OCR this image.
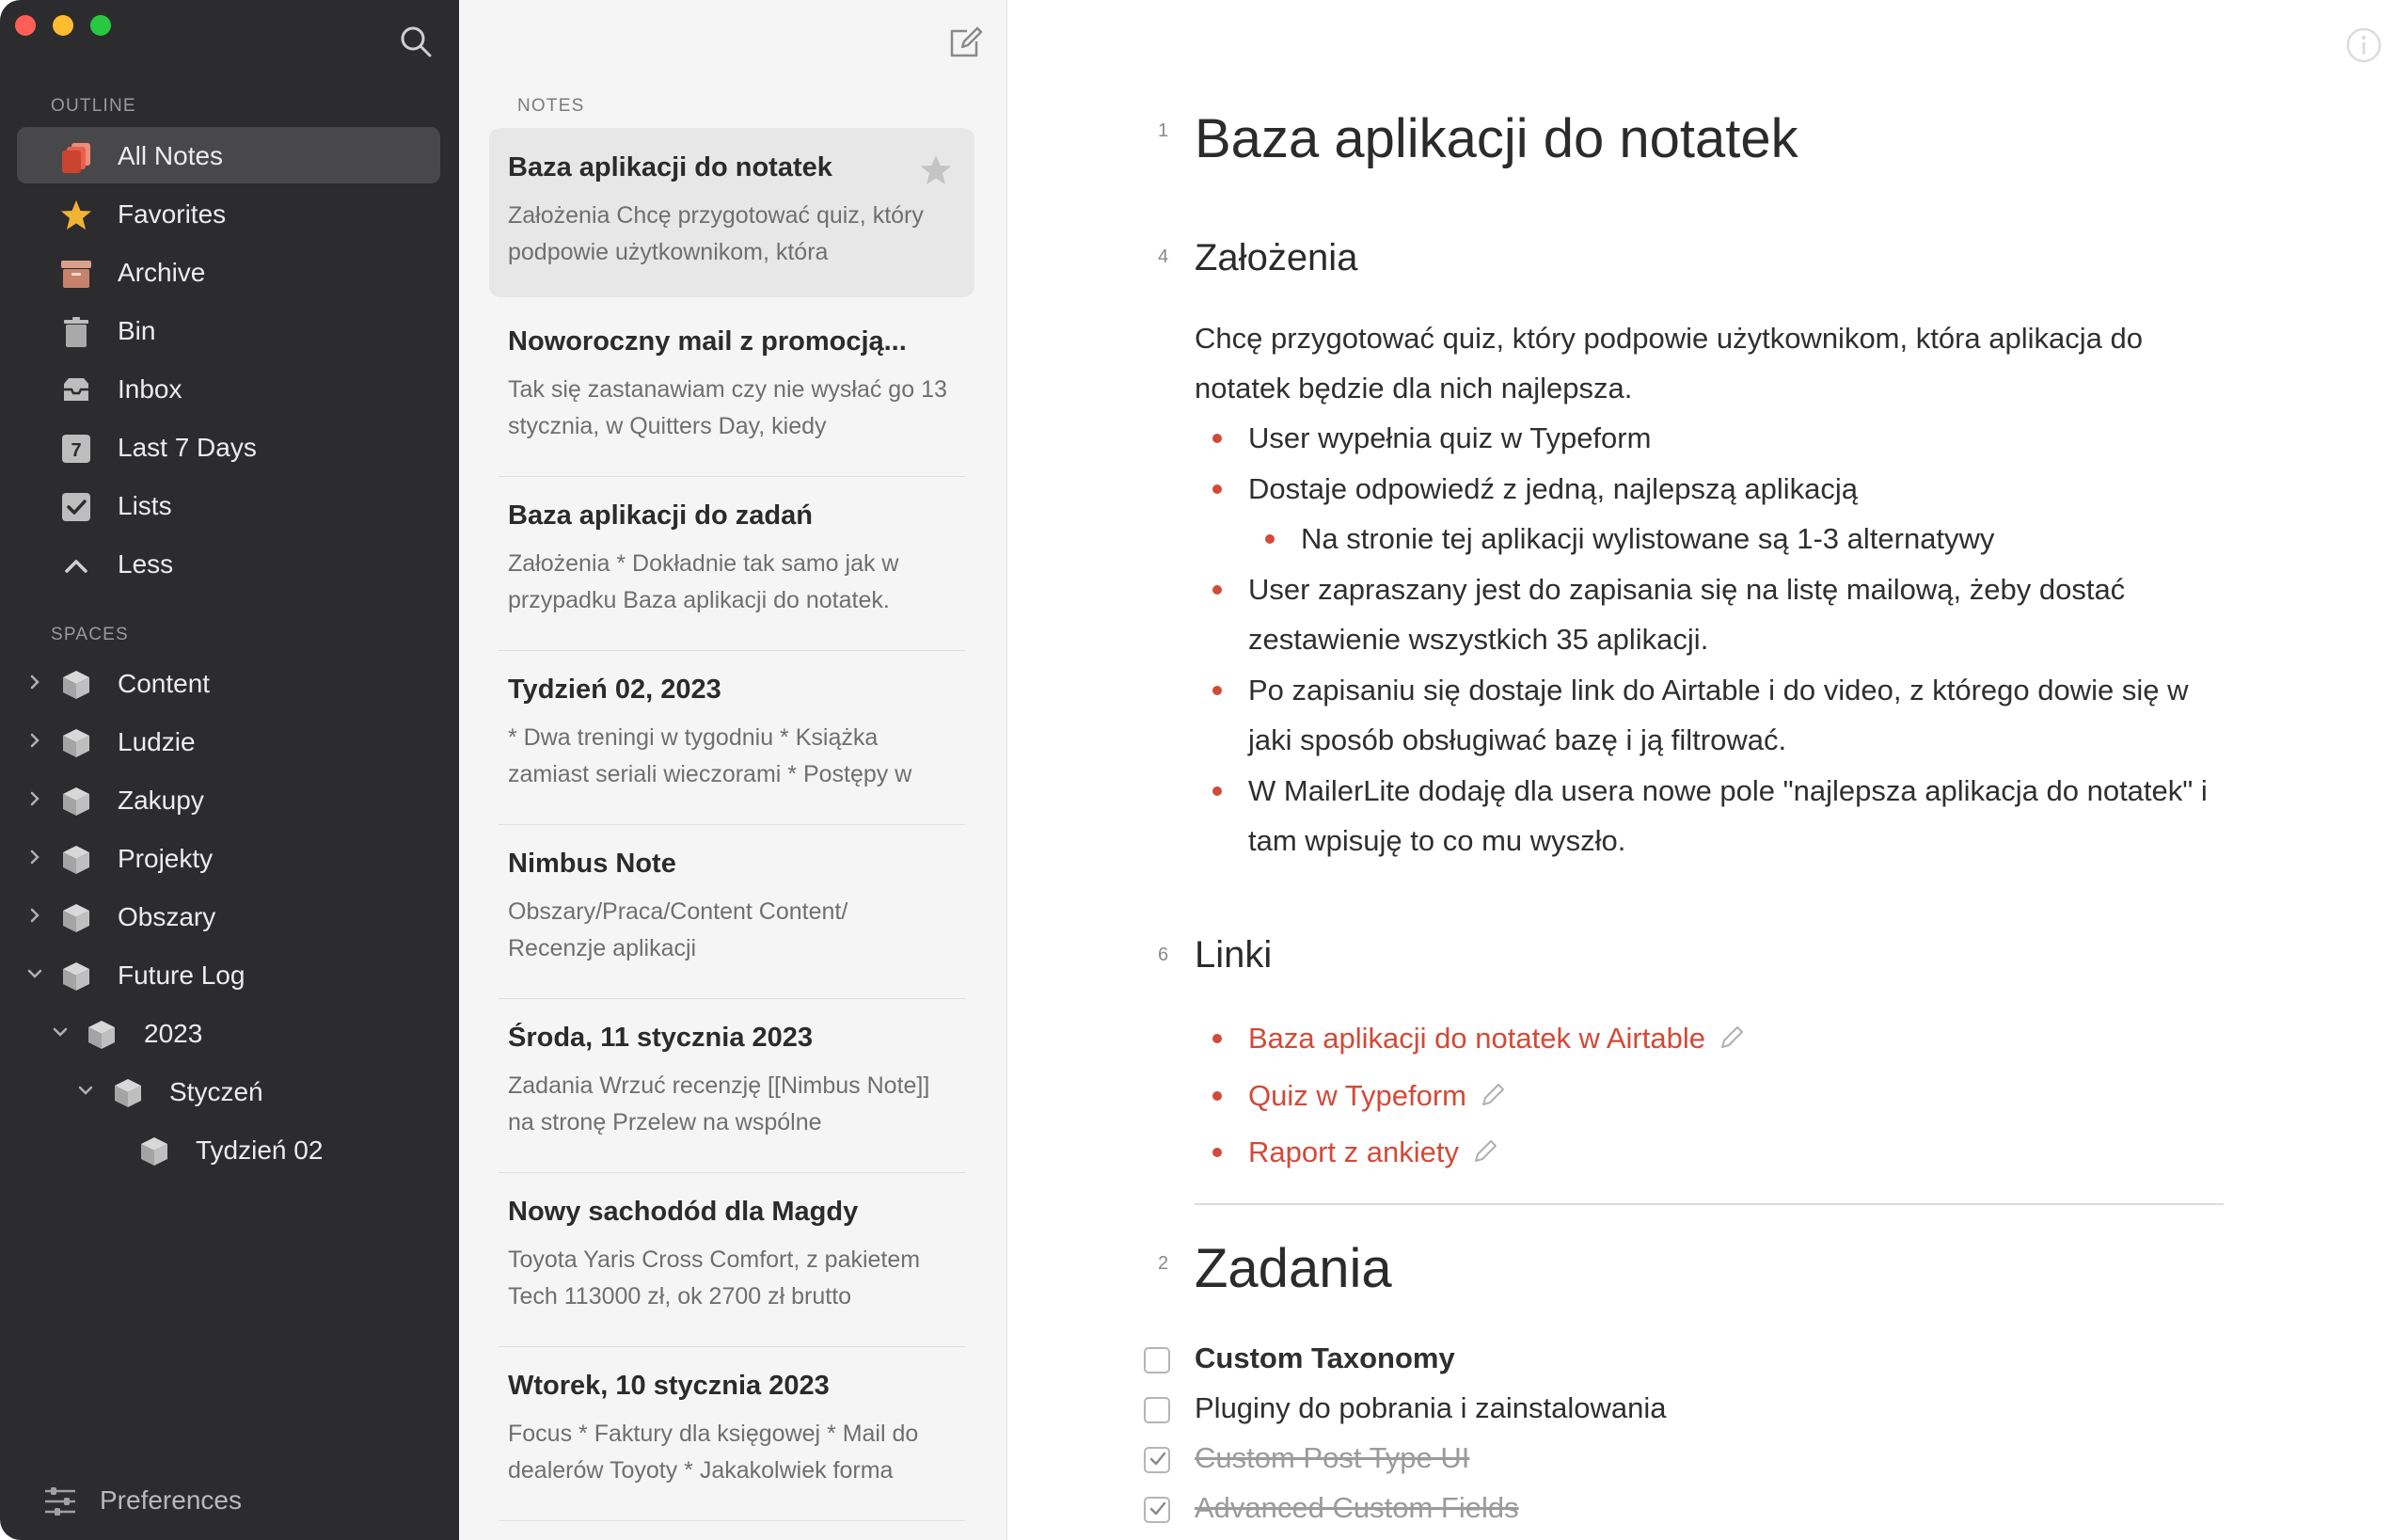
OUTLINE
All Notes
Favorites
Archive
Bin
Inbox
7 Last 7 Days
Lists
Less
SPACES
Content
Ludzie
Zakupy
Projekty
Obszary
Future Log
2023
Styczeń
Tydzień 02
Preferences
NOTES
Baza aplikacji do notatek
Założenia Chcę przygotować quiz, który podpowie użytkownikom, która
Noworoczny mail z promocją...
Tak się zastanawiam czy nie wysłać go 13 stycznia, w Quitters Day, kiedy
Baza aplikacji do zadań
Założenia * Dokładnie tak samo jak w przypadku Baza aplikacji do notatek.
Tydzień 02, 2023
* Dwa treningi w tygodniu * Książka zamiast seriali wieczorami * Postępy w
Nimbus Note
Obszary/Praca/Content Content/ Recenzje aplikacji
Środa, 11 stycznia 2023
Zadania Wrzuć recenzję [[Nimbus Note]] na stronę Przelew na wspólne
Nowy sachodód dla Magdy
Toyota Yaris Cross Comfort, z pakietem Tech 113000 zł, ok 2700 zł brutto
Wtorek, 10 stycznia 2023
Focus * Faktury dla księgowej * Mail do dealerów Toyoty * Jakakolwiek forma
1 Baza aplikacji do notatek
4 Założenia
Chcę przygotować quiz, który podpowie użytkownikom, która aplikacja do notatek będzie dla nich najlepsza.
User wypełnia quiz w Typeform
Dostaje odpowiedź z jedną, najlepszą aplikacją
Na stronie tej aplikacji wylistowane są 1-3 alternatywy
User zapraszany jest do zapisania się na listę mailową, żeby dostać zestawienie wszystkich 35 aplikacji.
Po zapisaniu się dostaje link do Airtable i do video, z którego dowie się w jaki sposób obsługiwać bazę i ją filtrować.
W MailerLite dodaję dla usera nowe pole "najlepsza aplikacja do notatek" i tam wpisuję to co mu wyszło.
6 Linki
Baza aplikacji do notatek w Airtable
Quiz w Typeform
Raport z ankiety
2 Zadania
Custom Taxonomy
Pluginy do pobrania i zainstalowania
Custom Post Type UI
Advanced Custom Fields
